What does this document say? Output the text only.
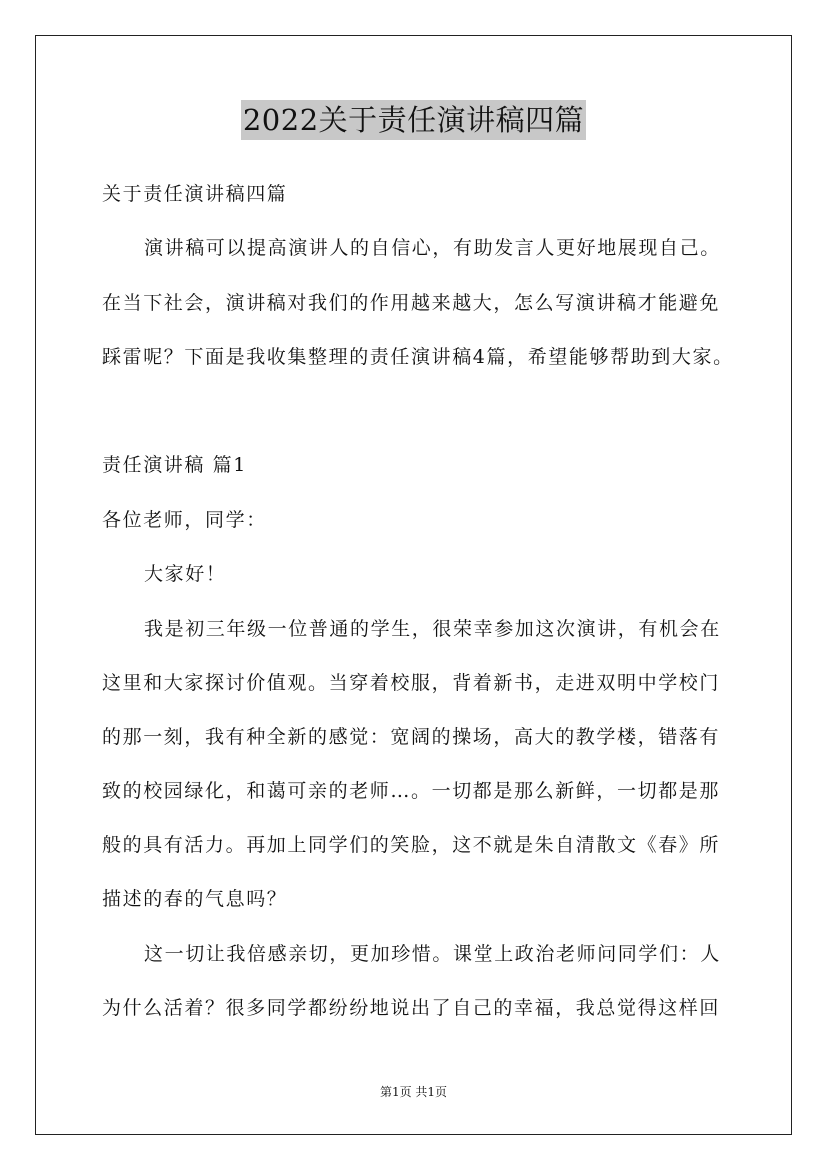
2022关于责任演讲稿四篇
关于责任演讲稿四篇
演讲稿可以提高演讲人的自信心，有助发言人更好地展现自己。
在当下社会，演讲稿对我们的作用越来越大，怎么写演讲稿才能避免
踩雷呢？下面是我收集整理的责任演讲稿4篇，希望能够帮助到大家。
责任演讲稿 篇1
各位老师，同学：
大家好！
我是初三年级一位普通的学生，很荣幸参加这次演讲，有机会在
这里和大家探讨价值观。当穿着校服，背着新书，走进双明中学校门
的那一刻，我有种全新的感觉：宽阔的操场，高大的教学楼，错落有
致的校园绿化，和蔼可亲的老师…。一切都是那么新鲜，一切都是那
般的具有活力。再加上同学们的笑脸，这不就是朱自清散文《春》所
描述的春的气息吗？
这一切让我倍感亲切，更加珍惜。课堂上政治老师问同学们：人
为什么活着？很多同学都纷纷地说出了自己的幸福，我总觉得这样回
第1页 共1页
